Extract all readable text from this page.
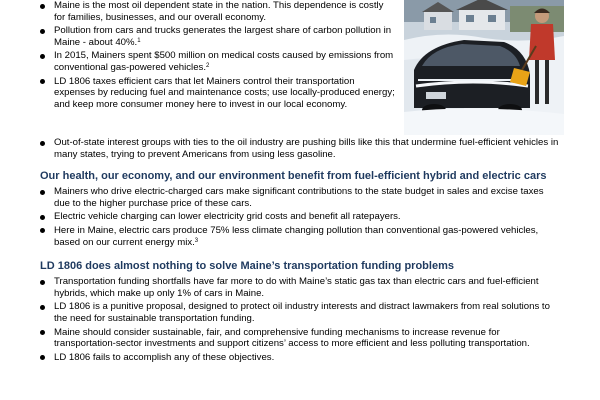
Maine is the most oil dependent state in the nation. This dependence is costly for families, businesses, and our overall economy.
Pollution from cars and trucks generates the largest share of carbon pollution in Maine - about 40%.$^1$
In 2015, Mainers spent $500 million on medical costs caused by emissions from conventional gas-powered vehicles.$^2$
LD 1806 taxes efficient cars that let Mainers control their transportation expenses by reducing fuel and maintenance costs; use locally-produced energy; and keep more consumer money here to invest in our local economy.
Out-of-state interest groups with ties to the oil industry are pushing bills like this that undermine fuel-efficient vehicles in many states, trying to prevent Americans from using less gasoline.
Our health, our economy, and our environment benefit from fuel-efficient hybrid and electric cars
Mainers who drive electric-charged cars make significant contributions to the state budget in sales and excise taxes due to the higher purchase price of these cars.
Electric vehicle charging can lower electricity grid costs and benefit all ratepayers.
Here in Maine, electric cars produce 75% less climate changing pollution than conventional gas-powered vehicles, based on our current energy mix.$^3$
LD 1806 does almost nothing to solve Maine’s transportation funding problems
Transportation funding shortfalls have far more to do with Maine’s static gas tax than electric cars and fuel-efficient hybrids, which make up only 1% of cars in Maine.
LD 1806 is a punitive proposal, designed to protect oil industry interests and distract lawmakers from real solutions to the need for sustainable transportation funding.
Maine should consider sustainable, fair, and comprehensive funding mechanisms to increase revenue for transportation-sector investments and support citizens’ access to more efficient and less polluting transportation.
LD 1806 fails to accomplish any of these objectives.
